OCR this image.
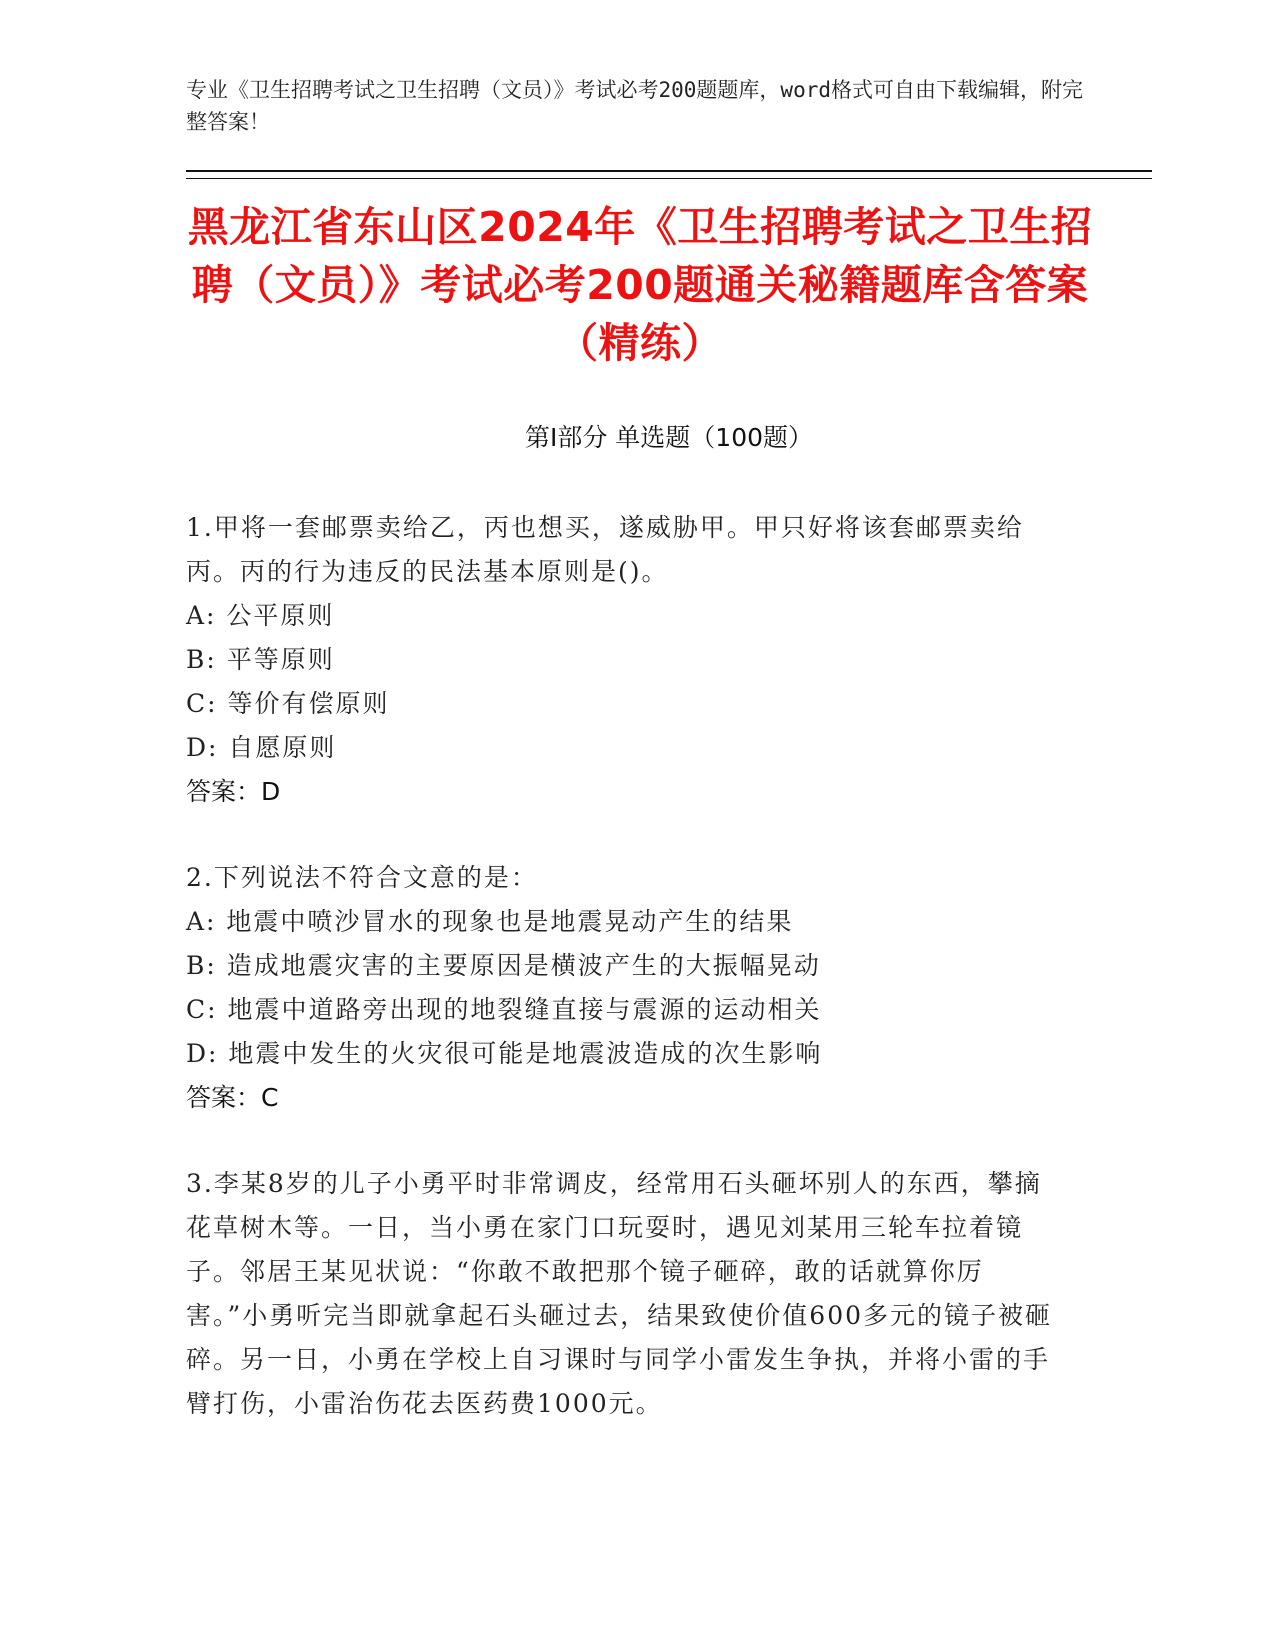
专业《卫生招聘考试之卫生招聘（文员）》考试必考200题题库，word格式可自由下载编辑，附完整答案！
黑龙江省东山区2024年《卫生招聘考试之卫生招聘（文员）》考试必考200题通关秘籍题库含答案（精练）
第Ⅰ部分 单选题（100题）
1.甲将一套邮票卖给乙，丙也想买，遂威胁甲。甲只好将该套邮票卖给丙。丙的行为违反的民法基本原则是()。
A: 公平原则
B: 平等原则
C: 等价有偿原则
D: 自愿原则
答案：D
2.下列说法不符合文意的是：
A: 地震中喷沙冒水的现象也是地震晃动产生的结果
B: 造成地震灾害的主要原因是横波产生的大振幅晃动
C: 地震中道路旁出现的地裂缝直接与震源的运动相关
D: 地震中发生的火灾很可能是地震波造成的次生影响
答案：C
3.李某8岁的儿子小勇平时非常调皮，经常用石头砸坏别人的东西，攀摘花草树木等。一日，当小勇在家门口玩耍时，遇见刘某用三轮车拉着镜子。邻居王某见状说：“你敢不敢把那个镜子砸碎，敢的话就算你厉害。”小勇听完当即就拿起石头砸过去，结果致使价值600多元的镜子被砸碎。另一日，小勇在学校上自习课时与同学小雷发生争执，并将小雷的手臂打伤，小雷治伤花去医药费1000元。
